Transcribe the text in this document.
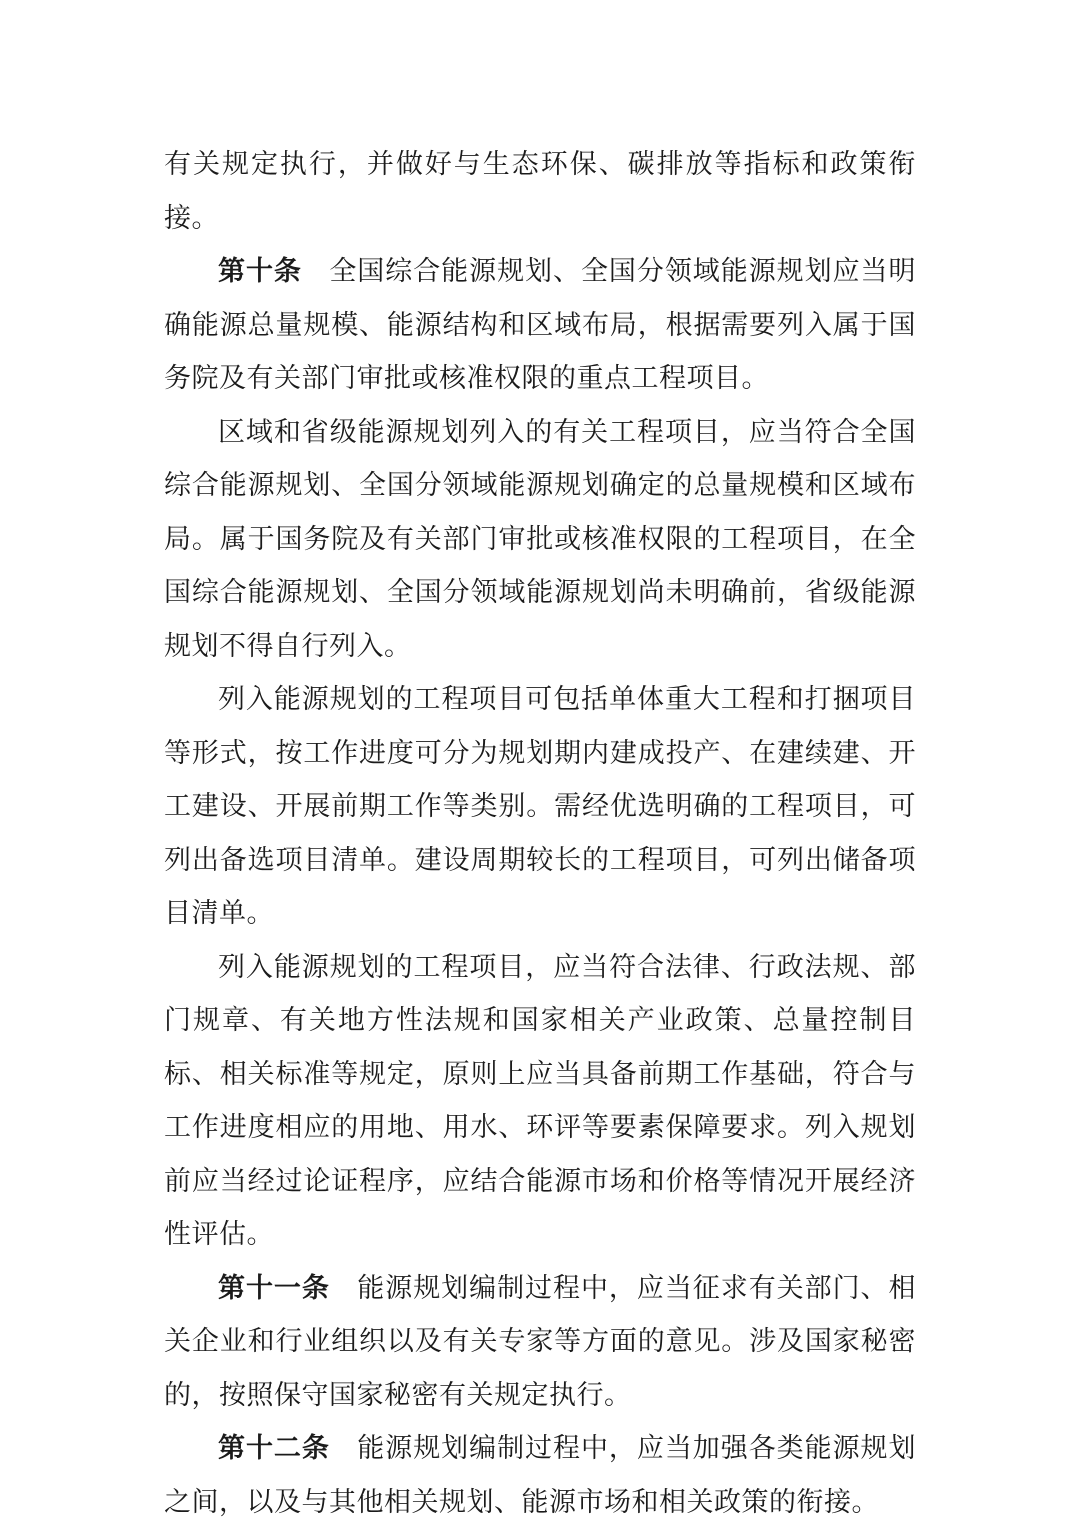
有关规定执行，并做好与生态环保、碳排放等指标和政策衔接。

第十条 全国综合能源规划、全国分领域能源规划应当明确能源总量规模、能源结构和区域布局，根据需要列入属于国务院及有关部门审批或核准权限的重点工程项目。

区域和省级能源规划列入的有关工程项目，应当符合全国综合能源规划、全国分领域能源规划确定的总量规模和区域布局。属于国务院及有关部门审批或核准权限的工程项目，在全国综合能源规划、全国分领域能源规划尚未明确前，省级能源规划不得自行列入。

列入能源规划的工程项目可包括单体重大工程和打捆项目等形式，按工作进度可分为规划期内建成投产、在建续建、开工建设、开展前期工作等类别。需经优选明确的工程项目，可列出备选项目清单。建设周期较长的工程项目，可列出储备项目清单。

列入能源规划的工程项目，应当符合法律、行政法规、部门规章、有关地方性法规和国家相关产业政策、总量控制目标、相关标准等规定，原则上应当具备前期工作基础，符合与工作进度相应的用地、用水、环评等要素保障要求。列入规划前应当经过论证程序，应结合能源市场和价格等情况开展经济性评估。

第十一条 能源规划编制过程中，应当征求有关部门、相关企业和行业组织以及有关专家等方面的意见。涉及国家秘密的，按照保守国家秘密有关规定执行。

第十二条 能源规划编制过程中，应当加强各类能源规划之间，以及与其他相关规划、能源市场和相关政策的衔接。
